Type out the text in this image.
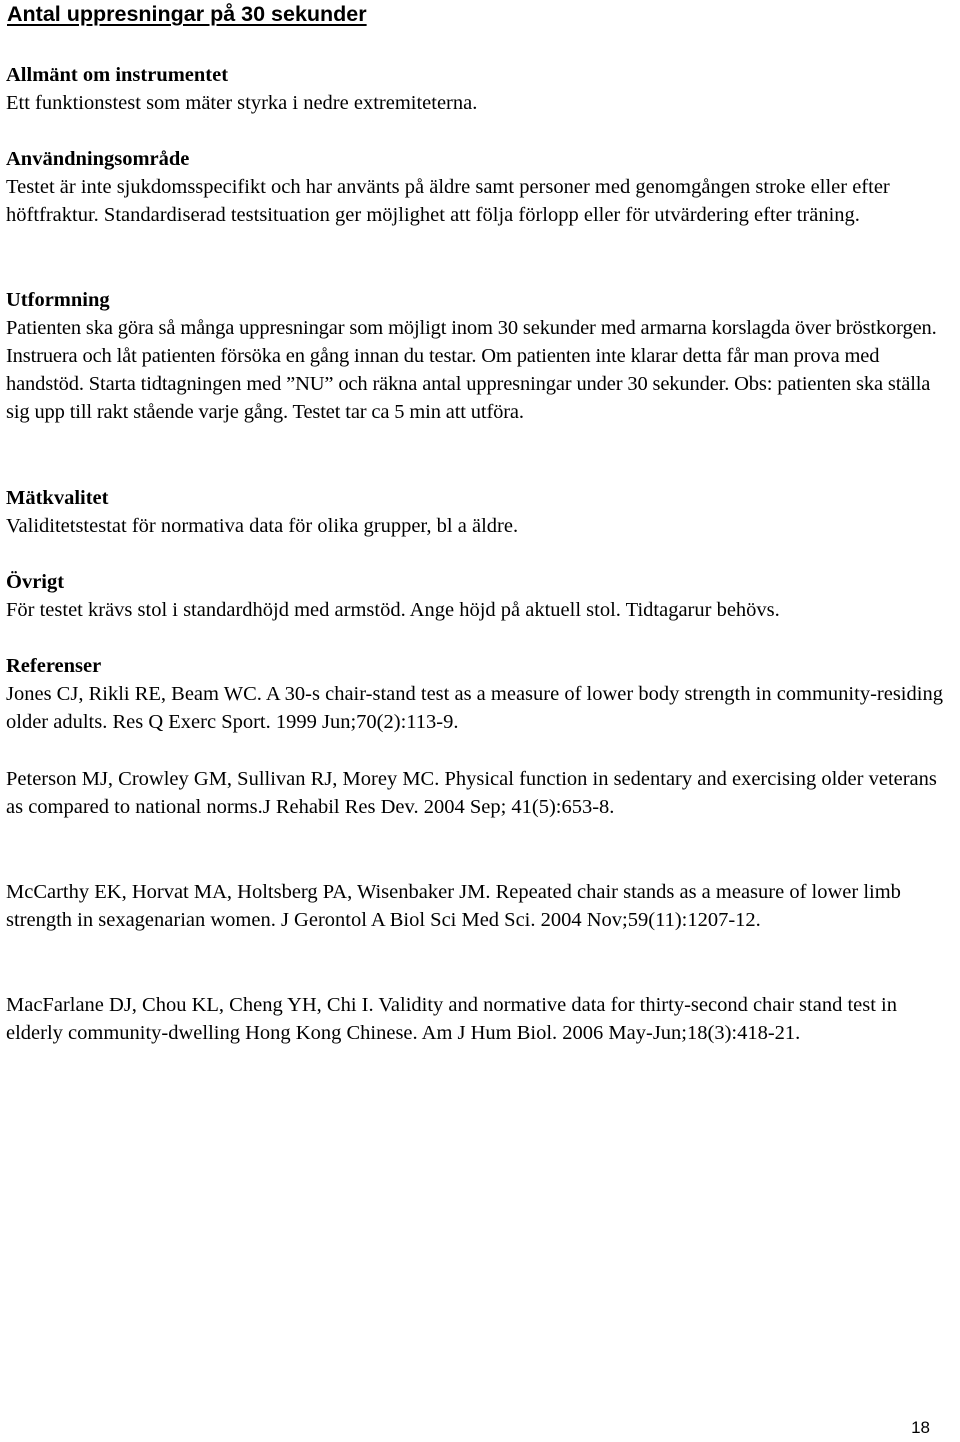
Antal uppresningar på 30 sekunder

Allmänt om instrumentet

Ett funktionstest som mäter styrka i nedre extremiteterna.

Användningsområde

Testet är inte sjukdomsspecifikt och har använts på äldre samt personer med genomgången stroke eller efter höftfraktur. Standardiserad testsituation ger möjlighet att följa förlopp eller för utvärdering efter träning.

Utformning

Patienten ska göra så många uppresningar som möjligt inom 30 sekunder med armarna korslagda över bröstkorgen. Instruera och låt patienten försöka en gång innan du testar. Om patienten inte klarar detta får man prova med handstöd. Starta tidtagningen med ”NU” och räkna antal uppresningar under 30 sekunder. Obs: patienten ska ställa sig upp till rakt stående varje gång. Testet tar ca 5 min att utföra.

Mätkvalitet

Validitetstestat för normativa data för olika grupper, bl a äldre.

Övrigt

För testet krävs stol i standardhöjd med armstöd. Ange höjd på aktuell stol. Tidtagarur behövs.

Referenser

Jones CJ, Rikli RE, Beam WC. A 30-s chair-stand test as a measure of lower body strength in community-residing older adults. Res Q Exerc Sport. 1999 Jun;70(2):113-9.

Peterson MJ, Crowley GM, Sullivan RJ, Morey MC. Physical function in sedentary and exercising older veterans as compared to national norms.J Rehabil Res Dev. 2004 Sep; 41(5):653-8.

McCarthy EK, Horvat MA, Holtsberg PA, Wisenbaker JM. Repeated chair stands as a measure of lower limb strength in sexagenarian women. J Gerontol A Biol Sci Med Sci. 2004 Nov;59(11):1207-12.

MacFarlane DJ, Chou KL, Cheng YH, Chi I. Validity and normative data for thirty-second chair stand test in elderly community-dwelling Hong Kong Chinese. Am J Hum Biol. 2006 May-Jun;18(3):418-21.

18
